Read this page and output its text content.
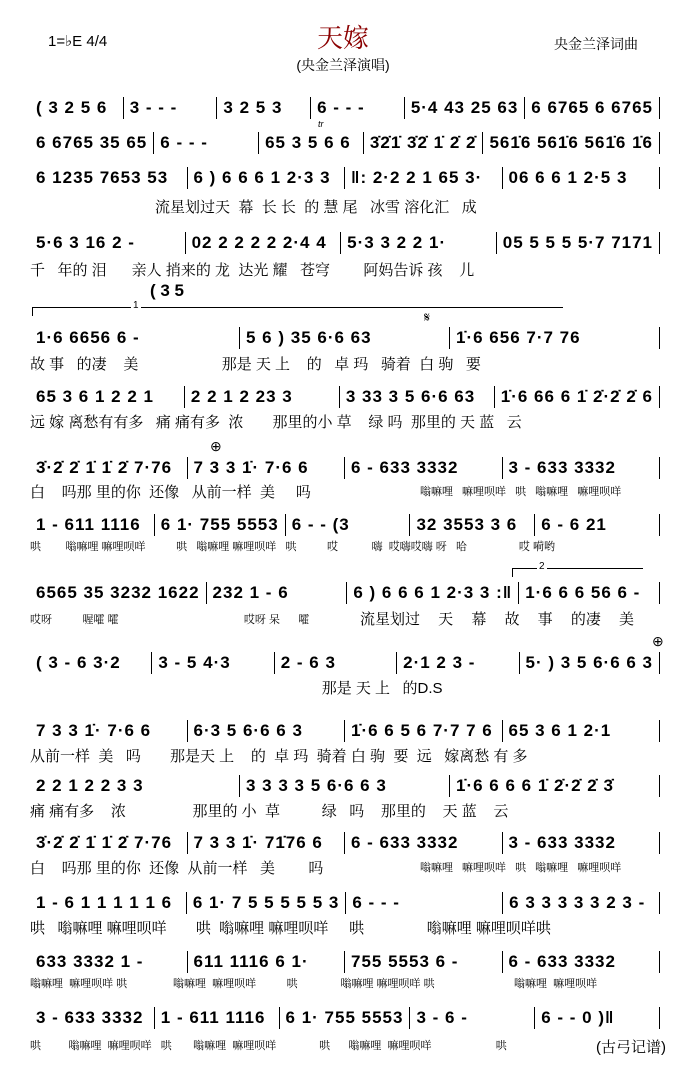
1=♭E 4/4	天嫁
(央金兰泽演唱)
央金兰泽词曲
( 3 2 5 6	3 - - -	3 2 5 3	6 - - -	5·4 43 25 63 6 6765 6 6765
6 6765 35 65 6 - - -	65 3 5 6 6	3̇2̇1̇ 3̇2̇ 1̇ 2̇ 2̇ 561̇6 561̇6 561̇6 1̇6
6 1235 7653 53	6 ) 6 6 6 1 2·3 3	‖: 2·2 2 1 65 3·	06 6 6 1 2·5 3
流星划过天  幕  长 长  的 慧 尾   冰雪 溶化汇   成
5·6 3 16 2 -	02 2 2 2 2 2·4 4	5·3 3 2 2 1·	05 5 5 5 5·7 7171
千   年的 泪      亲人 捎来的 龙  达光 耀   苍穹        阿妈告诉 孩    儿
1·6 6656 6 -	5 6 ) 35 6·6 63	1̇·6 656 7·7 76
故 事   的凄    美                    那是 天 上    的   卓 玛   骑着  白 驹   要
65 3 6 1 2 2 1	2 2 1 2 23 3	3 33 3 5 6·6 63	1̇·6 66 6 1̇ 2̇·2̇ 2̇ 6
远 嫁 离愁有有多   痛 痛有多  浓       那里的小 草    绿 吗  那里的 天 蓝   云
3̇·2̇ 2̇ 1̇ 1̇ 2̇ 7·76	7 3 3 1̇· 7·6 6	6 - 633 3332	3 - 633 3332
白    吗那 里的你  还像   从前一样  美     吗
1 - 611 1116	6 1· 755 5553 6 - - (3	32 3553 3 6	6 - 6 21
6565 35 3232 1622 232 1 - 6	6 ) 6 6 6 1 2·3 3 :‖ 1·6 6 6 56 6 -
流星划过 天 幕 故 事 的凄 美
( 3 - 6 3·2	3 - 5 4·3	2 - 6 3	2·1 2 3 -	5· ) 3 5 6·6 6 3
那是 天 上   的D.S
7 3 3 1̇· 7·6 6	6·3 5 6·6 6 3	1̇·6 6 5 6 7·7 7 6 65 3 6 1 2·1
从前一样  美   吗       那是天 上    的  卓 玛  骑着 白 驹  要  远   嫁离愁 有 多
2 2 1 2 2 3 3	3 3 3 3 5 6·6 6 3	1̇·6 6 6 6 1̇ 2̇·2̇ 2̇ 3̇
痛 痛有多    浓                那里的 小  草          绿   吗    那里的    天 蓝    云
3̇·2̇ 2̇ 1̇ 1̇ 2̇ 7·76	7 3 3 1̇· 71̇76 6	6 - 633 3332	3 - 633 3332
白    吗那 里的你  还像  从前一样   美        吗
1 - 6 1 1 1 1 1 6	6 1· 7 5 5 5 5 5 3 6 - - -	6 3 3 3 3 3 2 3 -
哄   嗡嘛哩 嘛哩呗咩       哄  嗡嘛哩 嘛哩呗咩     哄               嗡嘛哩 嘛哩呗咩哄
633 3332 1 -	611 1116 6 1·	755 5553 6 -	6 - 633 3332
3 - 633 3332	1 - 611 1116	6 1· 755 5553 3 - 6 -	6 - - 0 )‖
嗡嘛哩 嘛哩呗咩 哄 嗡嘛哩 嘛哩呗咩
哄        嗡嘛哩 嘛哩呗咩          哄   嗡嘛哩 嘛哩呗咩   哄          哎           嗨  哎嗨哎嗨 呀   哈                 哎 嗬哟
哎呀          喔嚯 嚯                                         哎呀 呆      嚯
嗡嘛哩 嘛哩呗咩 哄 嗡嘛哩 嘛哩呗咩
嗡嘛哩  嘛哩呗咩 哄               嗡嘛哩  嘛哩呗咩          哄              嗡嘛哩 嘛哩呗咩 哄                          嗡嘛哩  嘛哩呗咩
哄         嗡嘛哩  嘛哩呗咩   哄       嗡嘛哩  嘛哩呗咩              哄      嗡嘛哩  嘛哩呗咩                     哄
( 3 5
1
2
𝄋
⊕
⊕
tr
(古弓记谱)
